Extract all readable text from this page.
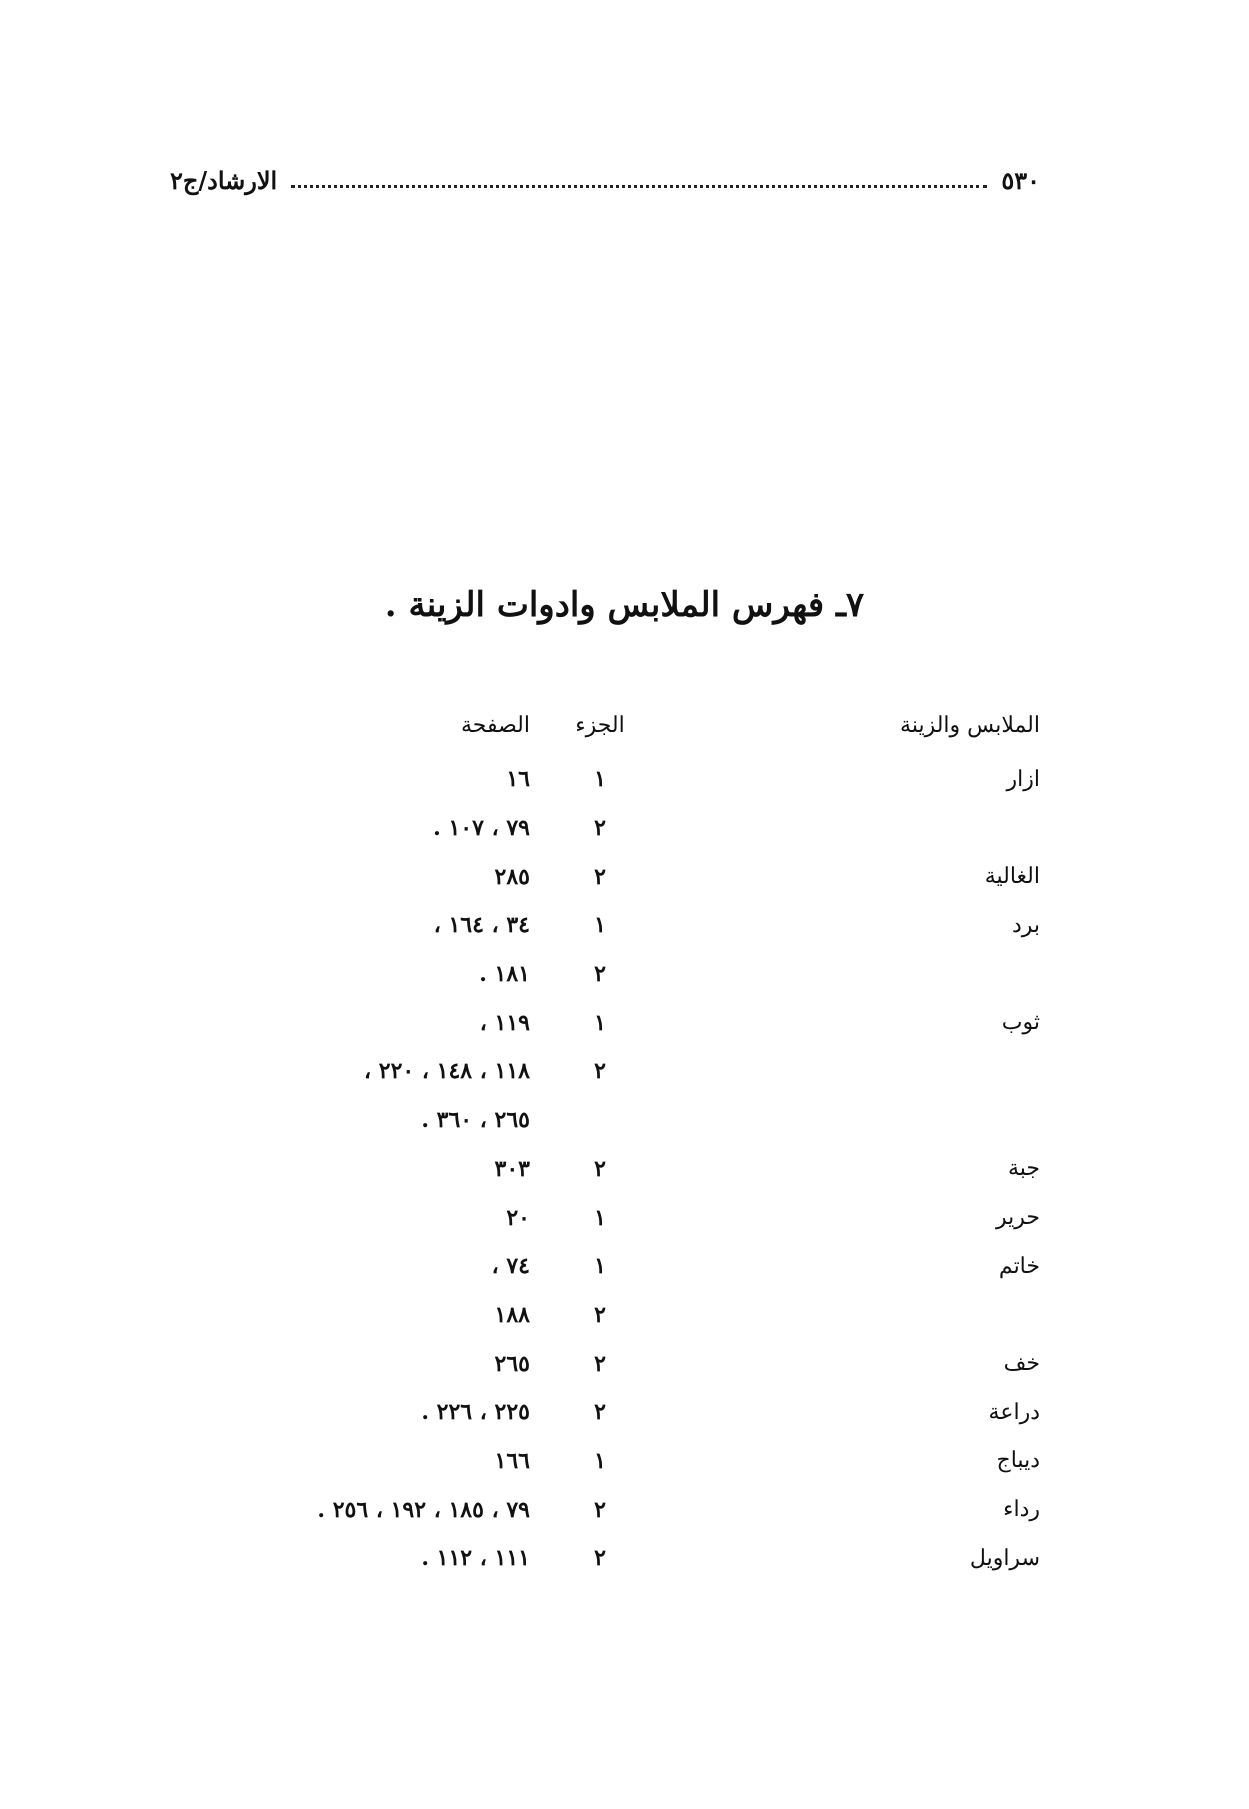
٥٣٠
الارشاد/ج٢
٧ـ فهرس الملابس وادوات الزينة .
الملابس والزينة
الجزء
الصفحة
ازار
١
١٦
٢
٧٩ ، ١٠٧ .
الغالية
٢
٢٨٥
برد
١
٣٤ ، ١٦٤ ،
٢
١٨١ .
ثوب
١
١١٩ ،
٢
١١٨ ، ١٤٨ ، ٢٢٠ ،
٢٦٥ ، ٣٦٠ .
جبة
٢
٣٠٣
حرير
١
٢٠
خاتم
١
٧٤ ،
٢
١٨٨
خف
٢
٢٦٥
دراعة
٢
٢٢٥ ، ٢٢٦ .
ديباج
١
١٦٦
رداء
٢
٧٩ ، ١٨٥ ، ١٩٢ ، ٢٥٦ .
سراويل
٢
١١١ ، ١١٢ .
